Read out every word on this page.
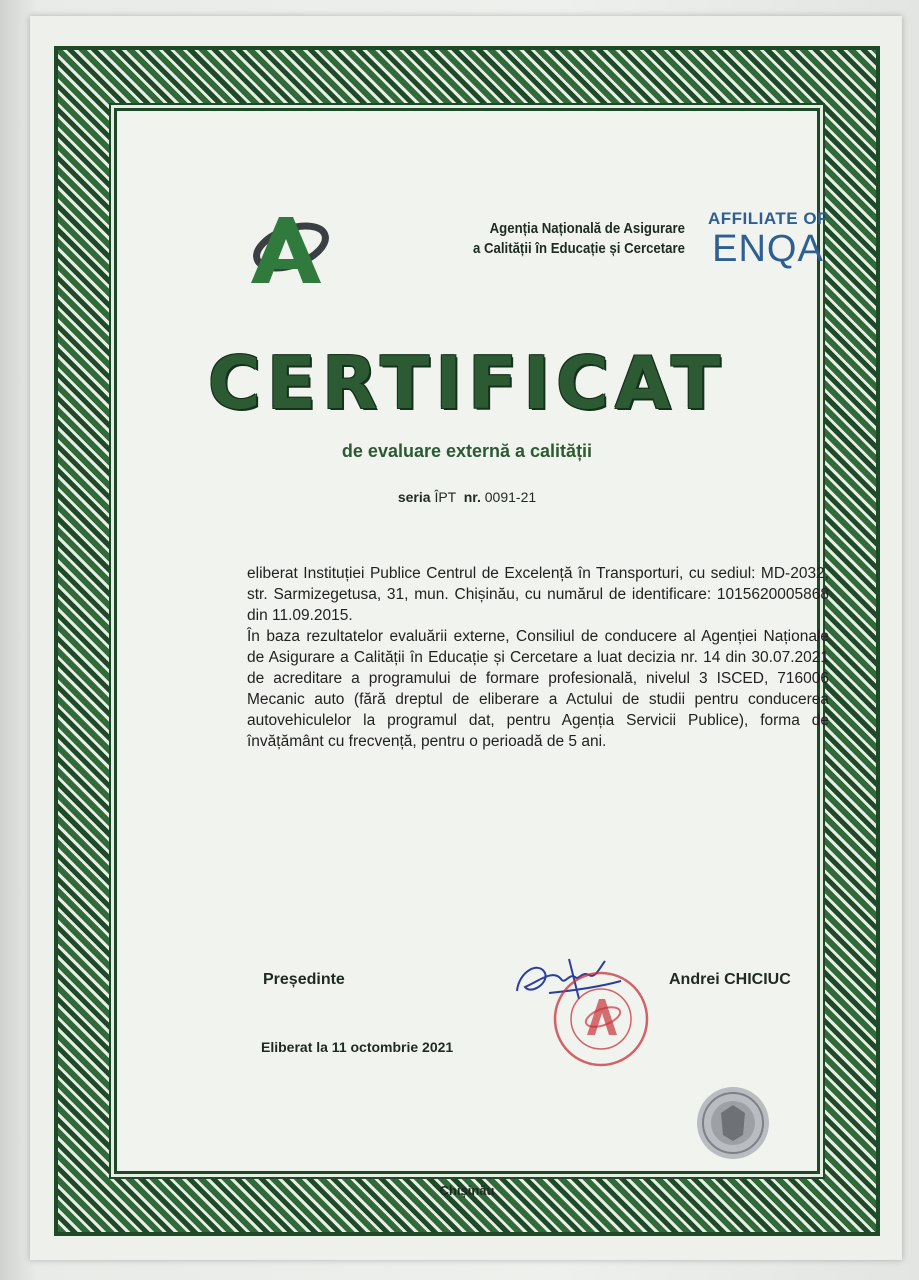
Agenția Națională de Asigurare
a Calității în Educație și Cercetare
AFFILIATE OF
ENQA
CERTIFICAT
de evaluare externă a calității
seria ÎPT nr. 0091-21

eliberat Instituției Publice Centrul de Excelență în Transporturi, cu sediul: MD-2032, str. Sarmizegetusa, 31, mun. Chișinău, cu numărul de identificare: 1015620005868 din 11.09.2015.

În baza rezultatelor evaluării externe, Consiliul de conducere al Agenției Naționale de Asigurare a Calității în Educație și Cercetare a luat decizia nr. 14 din 30.07.2021 de acreditare a programului de formare profesională, nivelul 3 ISCED, 716006 Mecanic auto (fără dreptul de eliberare a Actului de studii pentru conducerea autovehiculelor la programul dat, pentru Agenția Servicii Publice), forma de învățământ cu frecvență, pentru o perioadă de 5 ani.

Președinte	Andrei CHICIUC
Eliberat la 11 octombrie 2021
Chișinău
